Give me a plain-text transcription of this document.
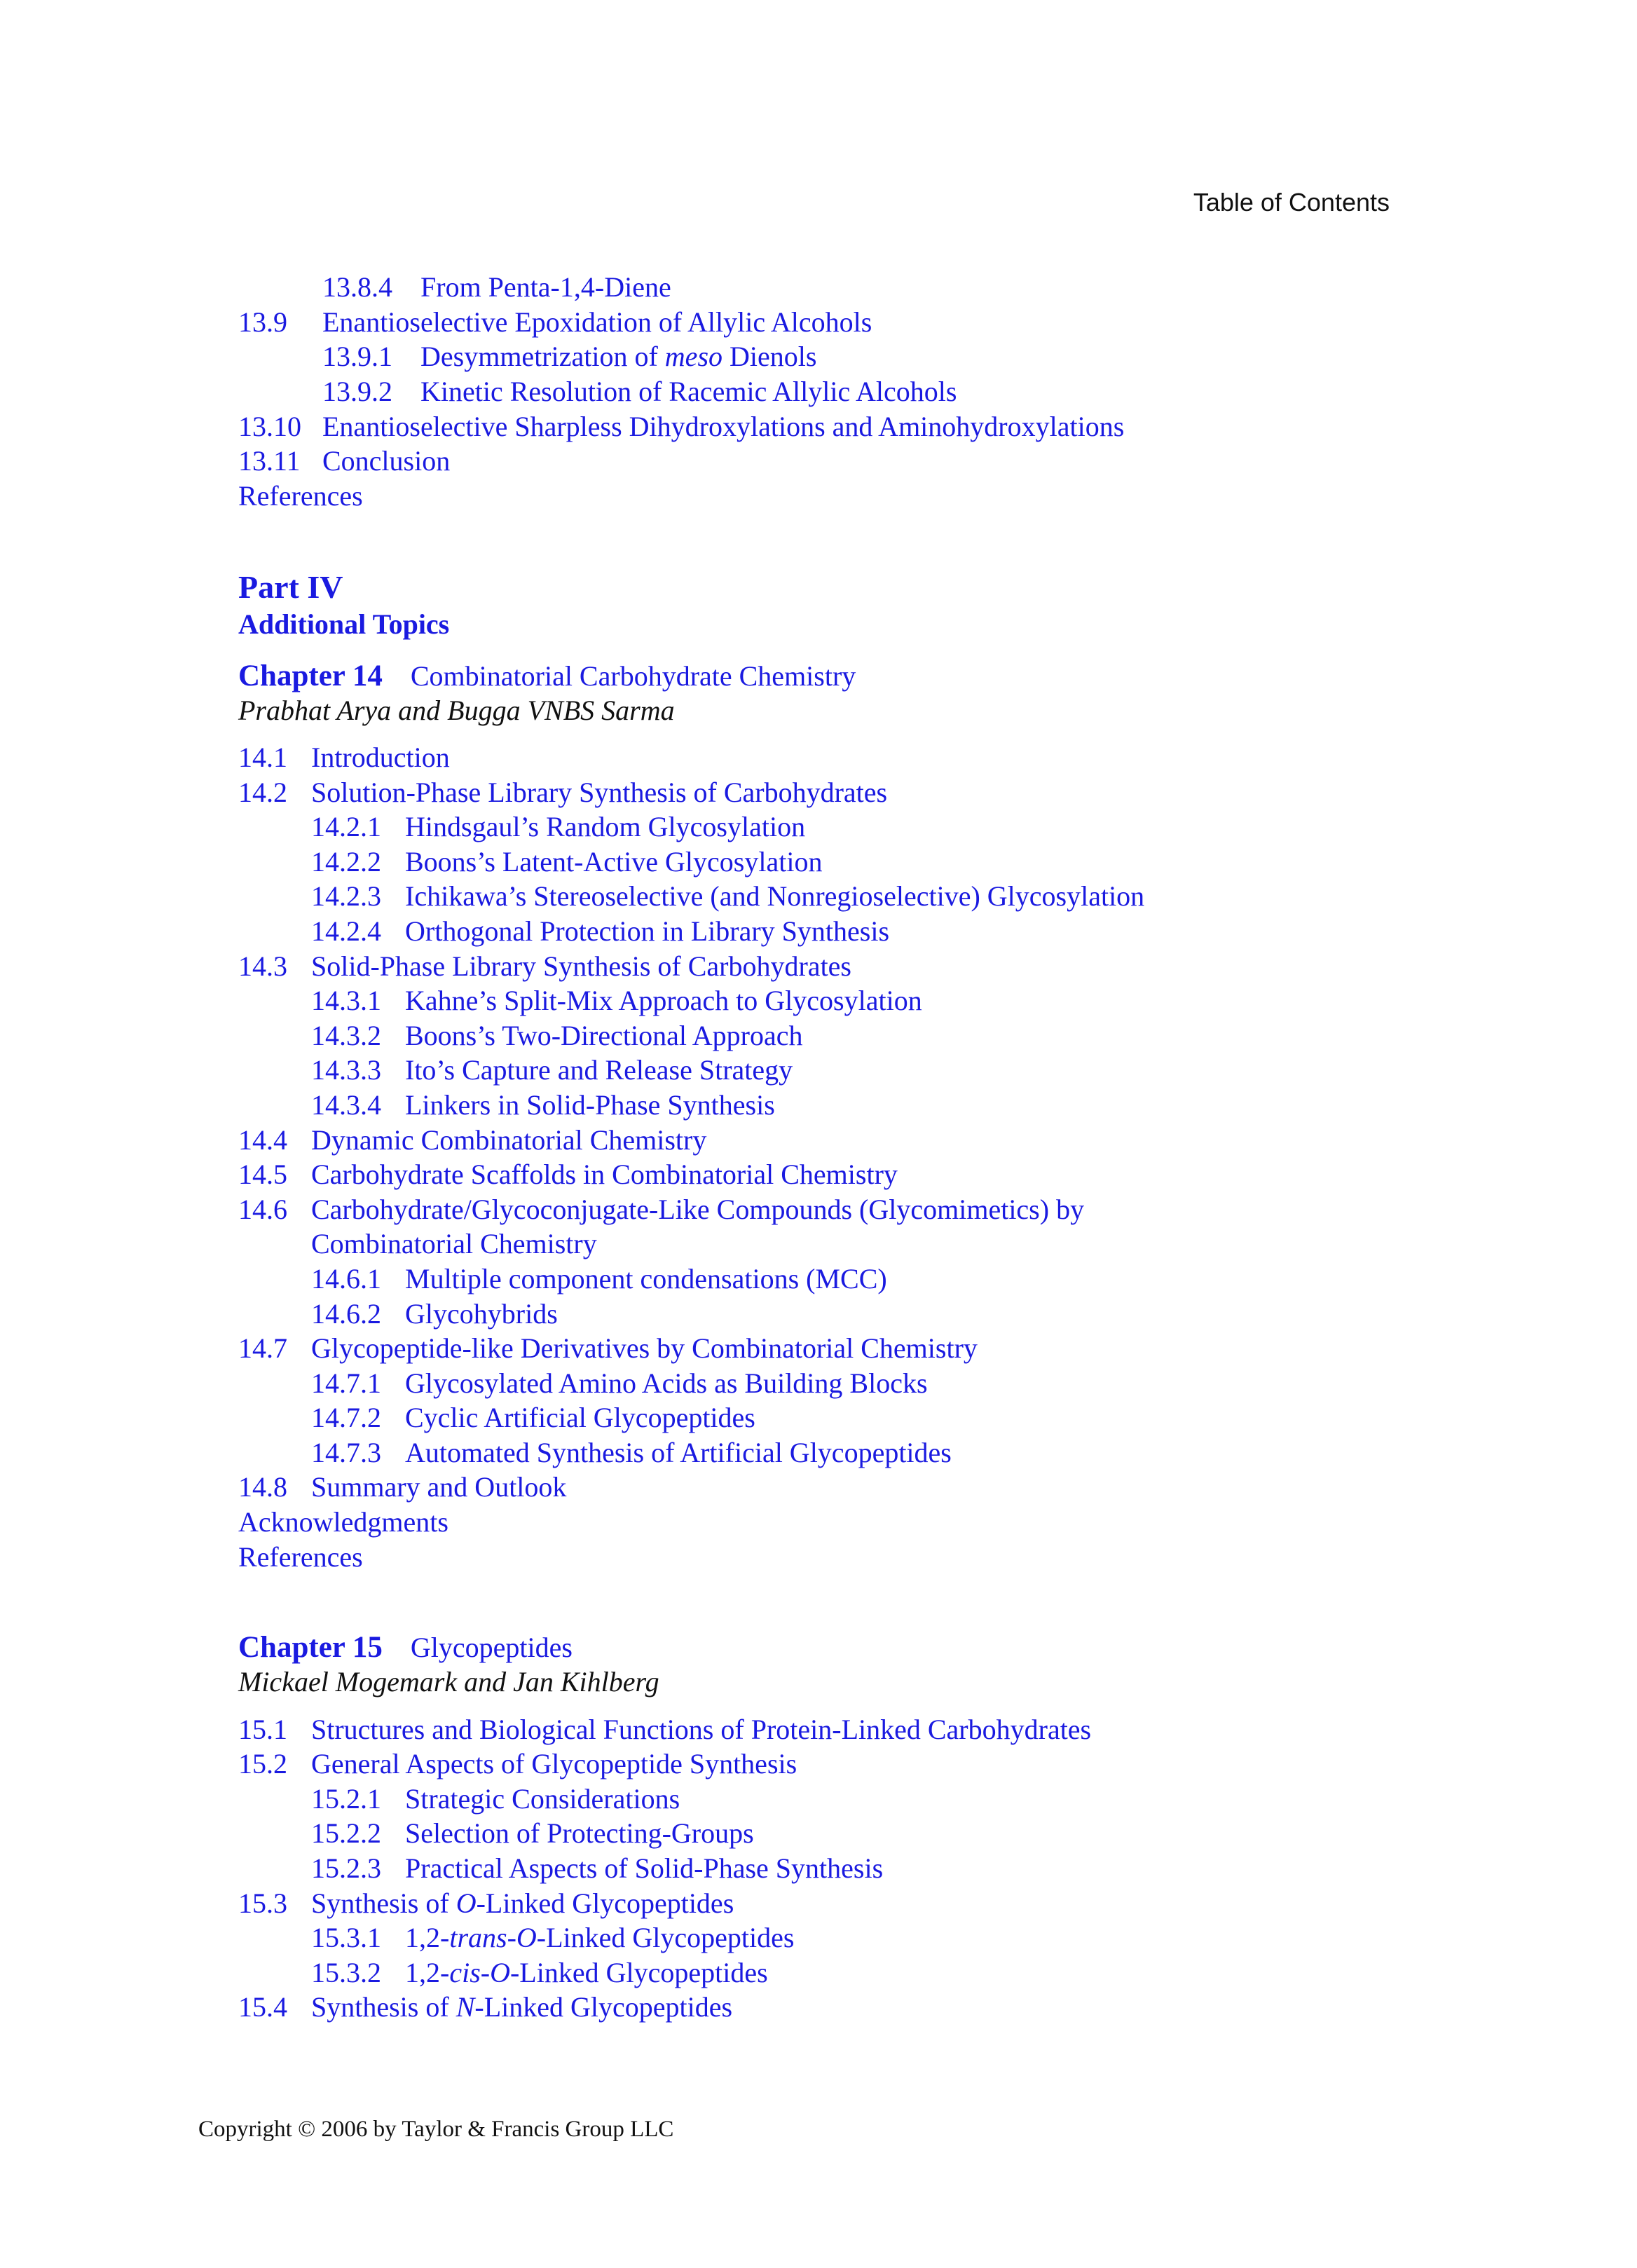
Table of Contents
13.8.4 From Penta-1,4-Diene
13.9 Enantioselective Epoxidation of Allylic Alcohols
13.9.1 Desymmetrization of meso Dienols
13.9.2 Kinetic Resolution of Racemic Allylic Alcohols
13.10 Enantioselective Sharpless Dihydroxylations and Aminohydroxylations
13.11 Conclusion
References
Part IV
Additional Topics
Chapter 14 Combinatorial Carbohydrate Chemistry
Prabhat Arya and Bugga VNBS Sarma
14.1 Introduction
14.2 Solution-Phase Library Synthesis of Carbohydrates
14.2.1 Hindsgaul’s Random Glycosylation
14.2.2 Boons’s Latent-Active Glycosylation
14.2.3 Ichikawa’s Stereoselective (and Nonregioselective) Glycosylation
14.2.4 Orthogonal Protection in Library Synthesis
14.3 Solid-Phase Library Synthesis of Carbohydrates
14.3.1 Kahne’s Split-Mix Approach to Glycosylation
14.3.2 Boons’s Two-Directional Approach
14.3.3 Ito’s Capture and Release Strategy
14.3.4 Linkers in Solid-Phase Synthesis
14.4 Dynamic Combinatorial Chemistry
14.5 Carbohydrate Scaffolds in Combinatorial Chemistry
14.6 Carbohydrate/Glycoconjugate-Like Compounds (Glycomimetics) by
Combinatorial Chemistry
14.6.1 Multiple component condensations (MCC)
14.6.2 Glycohybrids
14.7 Glycopeptide-like Derivatives by Combinatorial Chemistry
14.7.1 Glycosylated Amino Acids as Building Blocks
14.7.2 Cyclic Artificial Glycopeptides
14.7.3 Automated Synthesis of Artificial Glycopeptides
14.8 Summary and Outlook
Acknowledgments
References
Chapter 15 Glycopeptides
Mickael Mogemark and Jan Kihlberg
15.1 Structures and Biological Functions of Protein-Linked Carbohydrates
15.2 General Aspects of Glycopeptide Synthesis
15.2.1 Strategic Considerations
15.2.2 Selection of Protecting-Groups
15.2.3 Practical Aspects of Solid-Phase Synthesis
15.3 Synthesis of O-Linked Glycopeptides
15.3.1 1,2-trans-O-Linked Glycopeptides
15.3.2 1,2-cis-O-Linked Glycopeptides
15.4 Synthesis of N-Linked Glycopeptides
Copyright © 2006 by Taylor & Francis Group LLC
